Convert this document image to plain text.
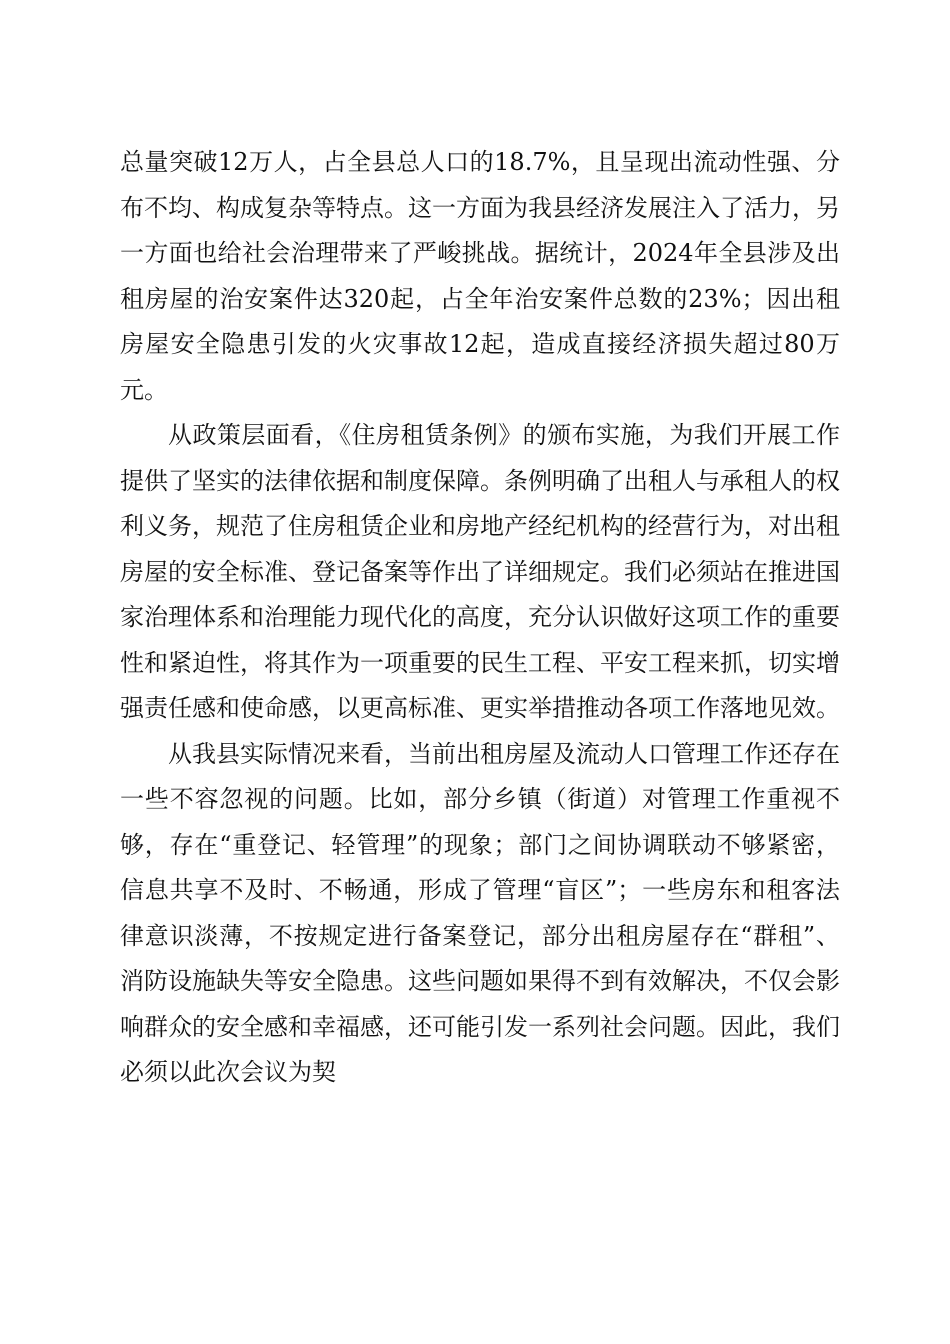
总量突破12万人，占全县总人口的18.7%，且呈现出流动性强、分布不均、构成复杂等特点。这一方面为我县经济发展注入了活力，另一方面也给社会治理带来了严峻挑战。据统计，2024年全县涉及出租房屋的治安案件达320起，占全年治安案件总数的23%；因出租房屋安全隐患引发的火灾事故12起，造成直接经济损失超过80万元。

从政策层面看，《住房租赁条例》的颁布实施，为我们开展工作提供了坚实的法律依据和制度保障。条例明确了出租人与承租人的权利义务，规范了住房租赁企业和房地产经纪机构的经营行为，对出租房屋的安全标准、登记备案等作出了详细规定。我们必须站在推进国家治理体系和治理能力现代化的高度，充分认识做好这项工作的重要性和紧迫性，将其作为一项重要的民生工程、平安工程来抓，切实增强责任感和使命感，以更高标准、更实举措推动各项工作落地见效。

从我县实际情况来看，当前出租房屋及流动人口管理工作还存在一些不容忽视的问题。比如，部分乡镇（街道）对管理工作重视不够，存在“重登记、轻管理”的现象；部门之间协调联动不够紧密，信息共享不及时、不畅通，形成了管理“盲区”；一些房东和租客法律意识淡薄，不按规定进行备案登记，部分出租房屋存在“群租”、消防设施缺失等安全隐患。这些问题如果得不到有效解决，不仅会影响群众的安全感和幸福感，还可能引发一系列社会问题。因此，我们必须以此次会议为契
